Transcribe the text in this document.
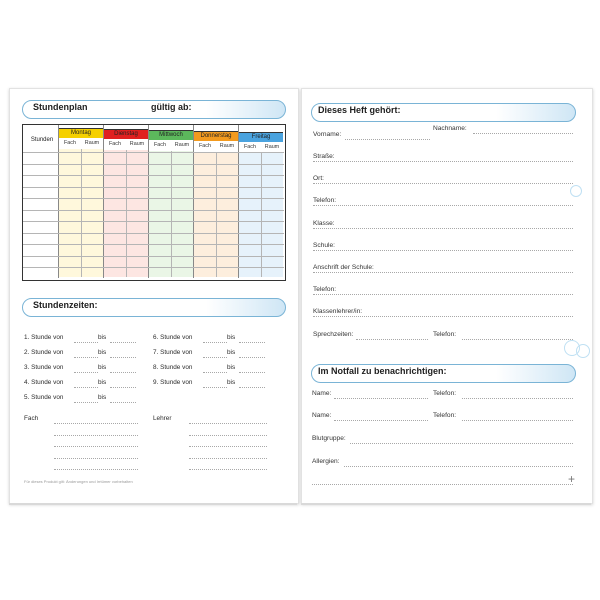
Stundenplan	gültig ab:
Stunden
Montag
Fach	Raum
Dienstag
Fach	Raum
Mittwoch
Fach	Raum
Donnerstag
Fach	Raum
Freitag
Fach	Raum
Stundenzeiten:
1. Stunde von	bis
2. Stunde von	bis
3. Stunde von	bis
4. Stunde von	bis
5. Stunde von	bis
6. Stunde von	bis
7. Stunde von	bis
8. Stunde von	bis
9. Stunde von	bis
Fach	Lehrer
Für dieses Produkt gilt: Änderungen und Irrtümer vorbehalten
Dieses Heft gehört:
Vorname:
Nachname:
Straße:
Ort:
Telefon:
Klasse:
Schule:
Anschrift der Schule:
Telefon:
Klassenlehrer/in:
Sprechzeiten:	Telefon:
Im Notfall zu benachrichtigen:
Name:	Telefon:
Name:	Telefon:
Blutgruppe:
Allergien:
+
